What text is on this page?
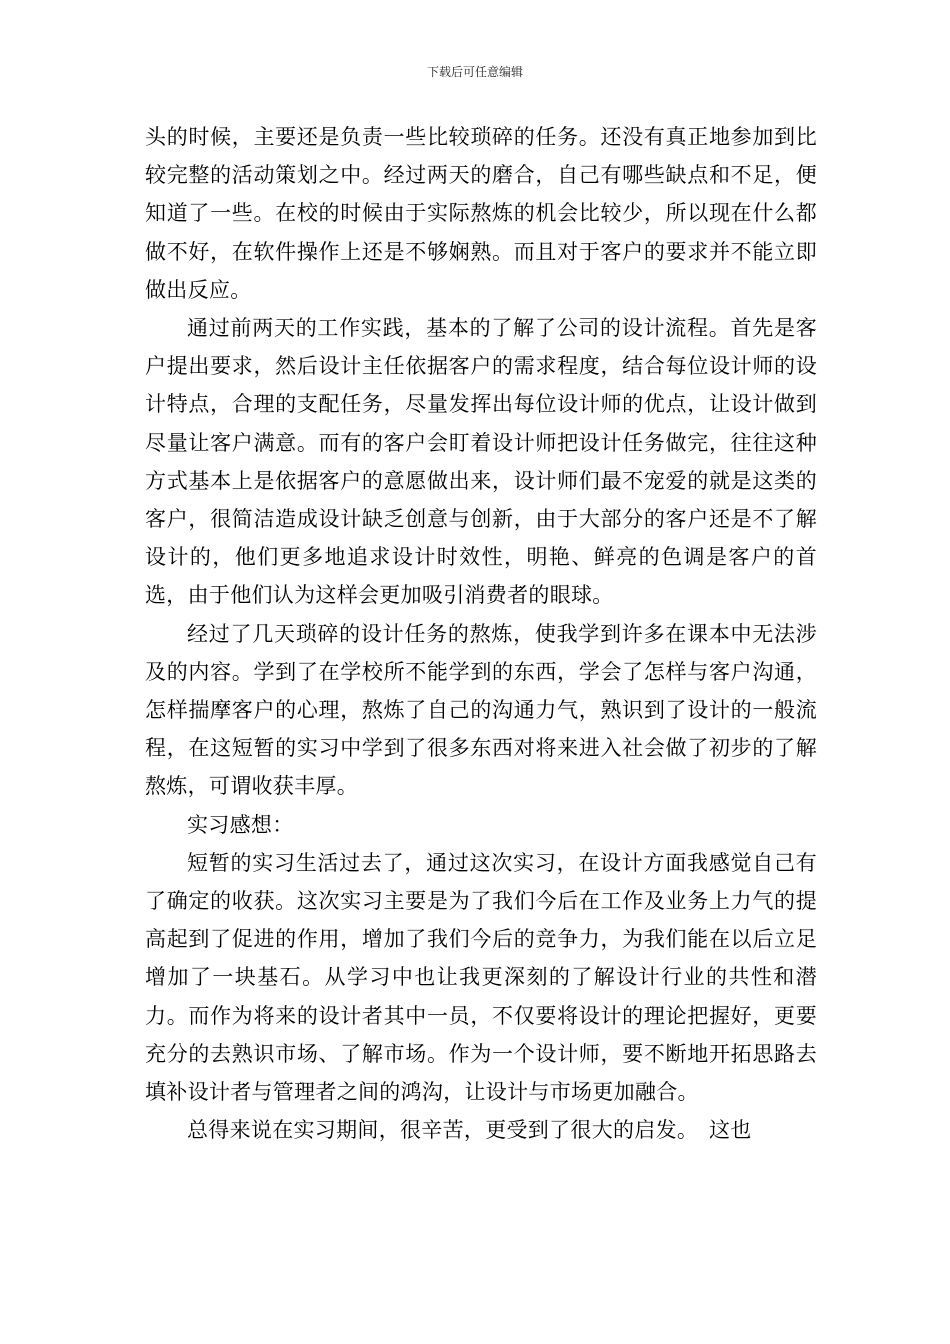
下载后可任意编辑

头的时候，主要还是负责一些比较琐碎的任务。还没有真正地参加到比较完整的活动策划之中。经过两天的磨合，自己有哪些缺点和不足，便知道了一些。在校的时候由于实际熬炼的机会比较少，所以现在什么都做不好，在软件操作上还是不够娴熟。而且对于客户的要求并不能立即做出反应。

通过前两天的工作实践，基本的了解了公司的设计流程。首先是客户提出要求，然后设计主任依据客户的需求程度，结合每位设计师的设计特点，合理的支配任务，尽量发挥出每位设计师的优点，让设计做到尽量让客户满意。而有的客户会盯着设计师把设计任务做完，往往这种方式基本上是依据客户的意愿做出来，设计师们最不宠爱的就是这类的客户，很简洁造成设计缺乏创意与创新，由于大部分的客户还是不了解设计的，他们更多地追求设计时效性，明艳、鲜亮的色调是客户的首选，由于他们认为这样会更加吸引消费者的眼球。

经过了几天琐碎的设计任务的熬炼，使我学到许多在课本中无法涉及的内容。学到了在学校所不能学到的东西，学会了怎样与客户沟通，怎样揣摩客户的心理，熬炼了自己的沟通力气，熟识到了设计的一般流程，在这短暂的实习中学到了很多东西对将来进入社会做了初步的了解熬炼，可谓收获丰厚。

实习感想：

短暂的实习生活过去了，通过这次实习，在设计方面我感觉自己有了确定的收获。这次实习主要是为了我们今后在工作及业务上力气的提高起到了促进的作用，增加了我们今后的竞争力，为我们能在以后立足增加了一块基石。从学习中也让我更深刻的了解设计行业的共性和潜力。而作为将来的设计者其中一员，不仅要将设计的理论把握好，更要充分的去熟识市场、了解市场。作为一个设计师，要不断地开拓思路去填补设计者与管理者之间的鸿沟，让设计与市场更加融合。

总得来说在实习期间，很辛苦，更受到了很大的启发。　这也
